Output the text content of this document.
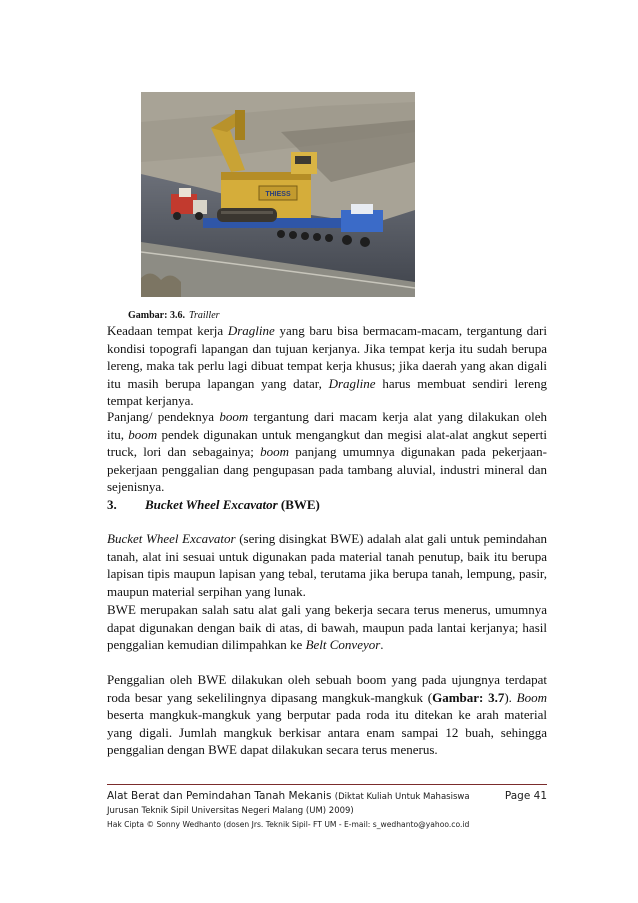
THIESS
Gambar: 3.6. Trailler

Keadaan tempat kerja Dragline yang baru bisa bermacam-macam, tergantung dari kondisi topografi lapangan dan tujuan kerjanya. Jika tempat kerja itu sudah berupa lereng, maka tak perlu lagi dibuat tempat kerja khusus; jika daerah yang akan digali itu masih berupa lapangan yang datar, Dragline harus membuat sendiri lereng tempat kerjanya.

Panjang/ pendeknya boom tergantung dari macam kerja alat yang dilakukan oleh itu, boom pendek digunakan untuk mengangkut dan megisi alat-alat angkut seperti truck, lori dan sebagainya; boom panjang umumnya digunakan pada pekerjaan-pekerjaan penggalian dang pengupasan pada tambang aluvial, industri mineral dan sejenisnya.

3. Bucket Wheel Excavator (BWE)

Bucket Wheel Excavator (sering disingkat BWE) adalah alat gali untuk pemindahan tanah, alat ini sesuai untuk digunakan pada material tanah penutup, baik itu berupa lapisan tipis maupun lapisan yang tebal, terutama jika berupa tanah, lempung, pasir, maupun material serpihan yang lunak.

BWE merupakan salah satu alat gali yang bekerja secara terus menerus, umumnya dapat digunakan dengan baik di atas, di bawah, maupun pada lantai kerjanya; hasil penggalian kemudian dilimpahkan ke Belt Conveyor.

Penggalian oleh BWE dilakukan oleh sebuah boom yang pada ujungnya terdapat roda besar yang sekelilingnya dipasang mangkuk-mangkuk (Gambar: 3.7). Boom beserta mangkuk-mangkuk yang berputar pada roda itu ditekan ke arah material yang digali. Jumlah mangkuk berkisar antara enam sampai 12 buah, sehingga penggalian dengan BWE dapat dilakukan secara terus menerus.

Alat Berat dan Pemindahan Tanah Mekanis (Diktat Kuliah Untuk Mahasiswa	Page 41
Jurusan Teknik Sipil Universitas Negeri Malang (UM) 2009)
Hak Cipta © Sonny Wedhanto (dosen Jrs. Teknik Sipil- FT UM - E-mail: s_wedhanto@yahoo.co.id
